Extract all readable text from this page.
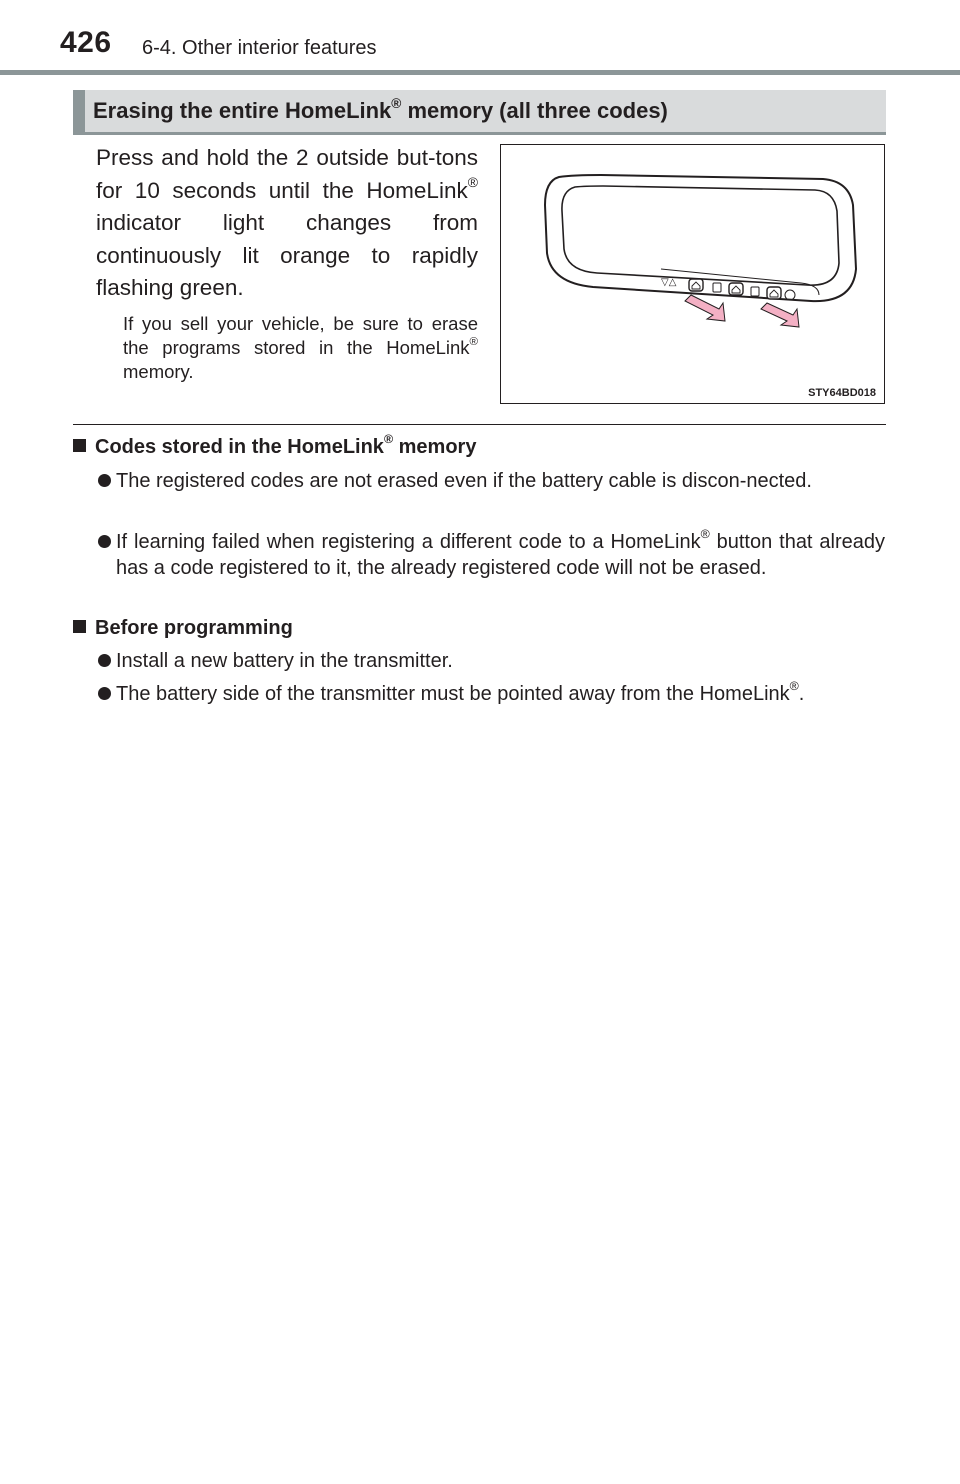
426 6-4. Other interior features
Erasing the entire HomeLink® memory (all three codes)
Press and hold the 2 outside but-tons for 10 seconds until the HomeLink® indicator light changes from continuously lit orange to rapidly flashing green.
If you sell your vehicle, be sure to erase the programs stored in the HomeLink® memory.
▽△
STY64BD018
Codes stored in the HomeLink® memory
The registered codes are not erased even if the battery cable is discon-nected.
If learning failed when registering a different code to a HomeLink® button that already has a code registered to it, the already registered code will not be erased.
Before programming
Install a new battery in the transmitter.
The battery side of the transmitter must be pointed away from the HomeLink®.
